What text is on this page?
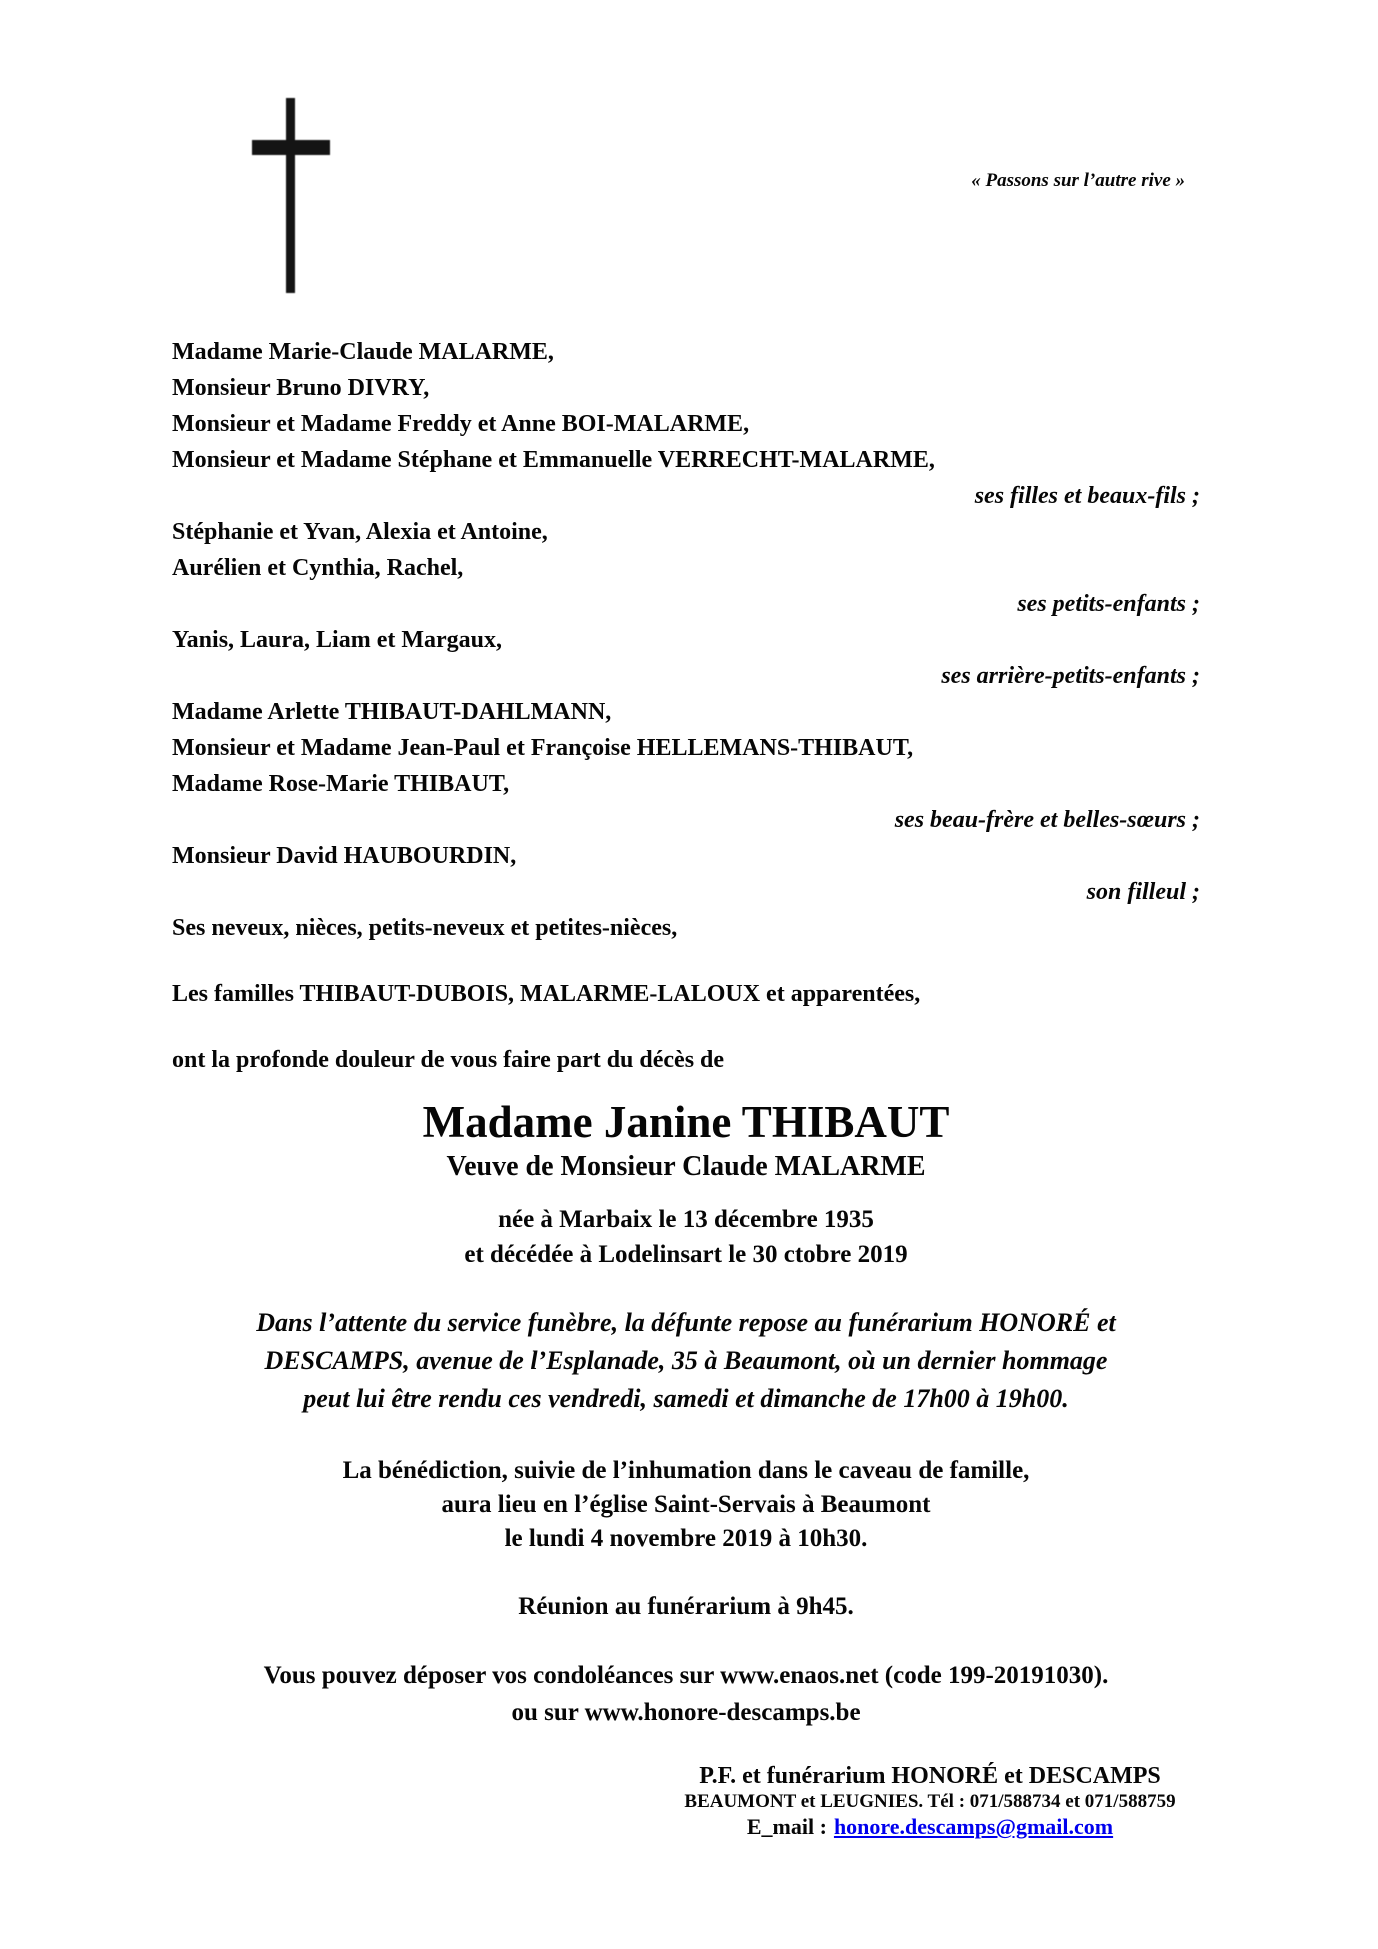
« Passons sur l’autre rive »
Madame Marie-Claude MALARME,
Monsieur Bruno DIVRY,
Monsieur et Madame Freddy et Anne BOI-MALARME,
Monsieur et Madame Stéphane et Emmanuelle VERRECHT-MALARME,
ses filles et beaux-fils ;
Stéphanie et Yvan, Alexia et Antoine,
Aurélien et Cynthia, Rachel,
ses petits-enfants ;
Yanis, Laura, Liam et Margaux,
ses arrière-petits-enfants ;
Madame Arlette THIBAUT-DAHLMANN,
Monsieur et Madame Jean-Paul et Françoise HELLEMANS-THIBAUT,
Madame Rose-Marie THIBAUT,
ses beau-frère et belles-sœurs ;
Monsieur David HAUBOURDIN,
son filleul ;
Ses neveux, nièces, petits-neveux et petites-nièces,
Les familles THIBAUT-DUBOIS, MALARME-LALOUX et apparentées,
ont la profonde douleur de vous faire part du décès de
Madame Janine THIBAUT
Veuve de Monsieur Claude MALARME
née à Marbaix le 13 décembre 1935
et décédée à Lodelinsart le 30 ctobre 2019
Dans l’attente du service funèbre, la défunte repose au funérarium HONORÉ et
DESCAMPS, avenue de l’Esplanade, 35 à Beaumont, où un dernier hommage
peut lui être rendu ces vendredi, samedi et dimanche de 17h00 à 19h00.
La bénédiction, suivie de l’inhumation dans le caveau de famille,
aura lieu en l’église Saint-Servais à Beaumont
le lundi 4 novembre 2019 à 10h30.
Réunion au funérarium à 9h45.
Vous pouvez déposer vos condoléances sur www.enaos.net (code 199-20191030).
ou sur www.honore-descamps.be
P.F. et funérarium HONORÉ et DESCAMPS
BEAUMONT et LEUGNIES. Tél : 071/588734 et 071/588759
E_mail : honore.descamps@gmail.com
